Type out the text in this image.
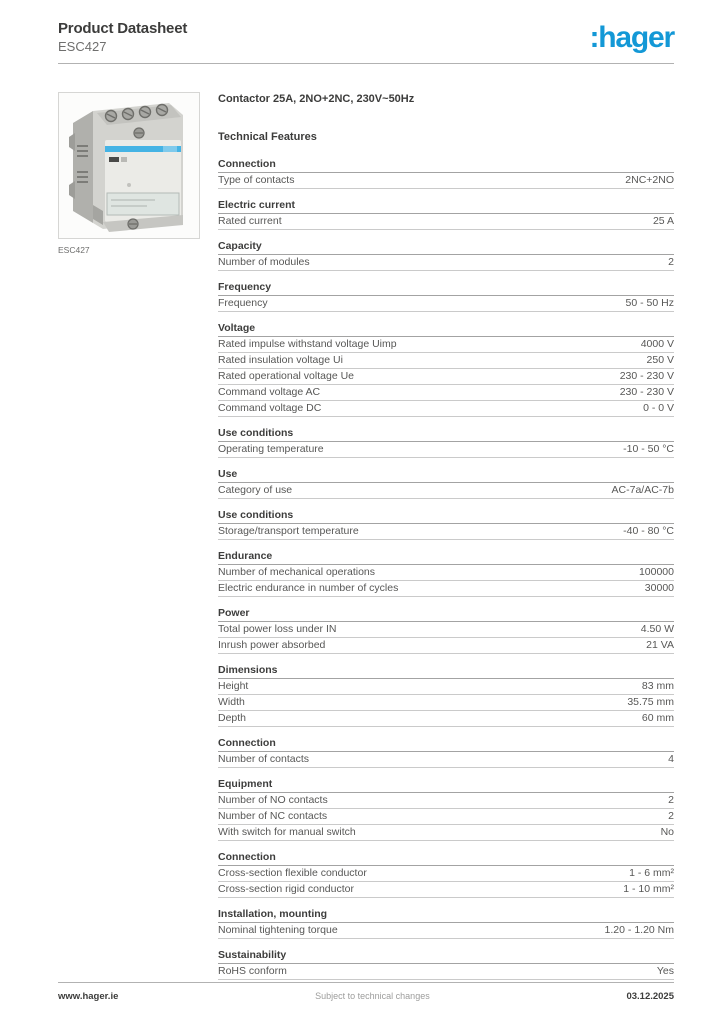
Product Datasheet
ESC427	:hager
ESC427
Contactor 25A, 2NO+2NC, 230V~50Hz
Technical Features
Connection
Type of contacts	2NC+2NO
Electric current
Rated current	25 A
Capacity
Number of modules	2
Frequency
Frequency	50 - 50 Hz
Voltage
Rated impulse withstand voltage Uimp	4000 V
Rated insulation voltage Ui	250 V
Rated operational voltage Ue	230 - 230 V
Command voltage AC	230 - 230 V
Command voltage DC	0 - 0 V
Use conditions
Operating temperature	-10 - 50 °C
Use
Category of use	AC-7a/AC-7b
Use conditions
Storage/transport temperature	-40 - 80 °C
Endurance
Number of mechanical operations	100000
Electric endurance in number of cycles	30000
Power
Total power loss under IN	4.50 W
Inrush power absorbed	21 VA
Dimensions
Height	83 mm
Width	35.75 mm
Depth	60 mm
Connection
Number of contacts	4
Equipment
Number of NO contacts	2
Number of NC contacts	2
With switch for manual switch	No
Connection
Cross-section flexible conductor	1 - 6 mm²
Cross-section rigid conductor	1 - 10 mm²
Installation, mounting
Nominal tightening torque	1.20 - 1.20 Nm
Sustainability
RoHS conform	Yes
www.hager.ie	Subject to technical changes	03.12.2025
